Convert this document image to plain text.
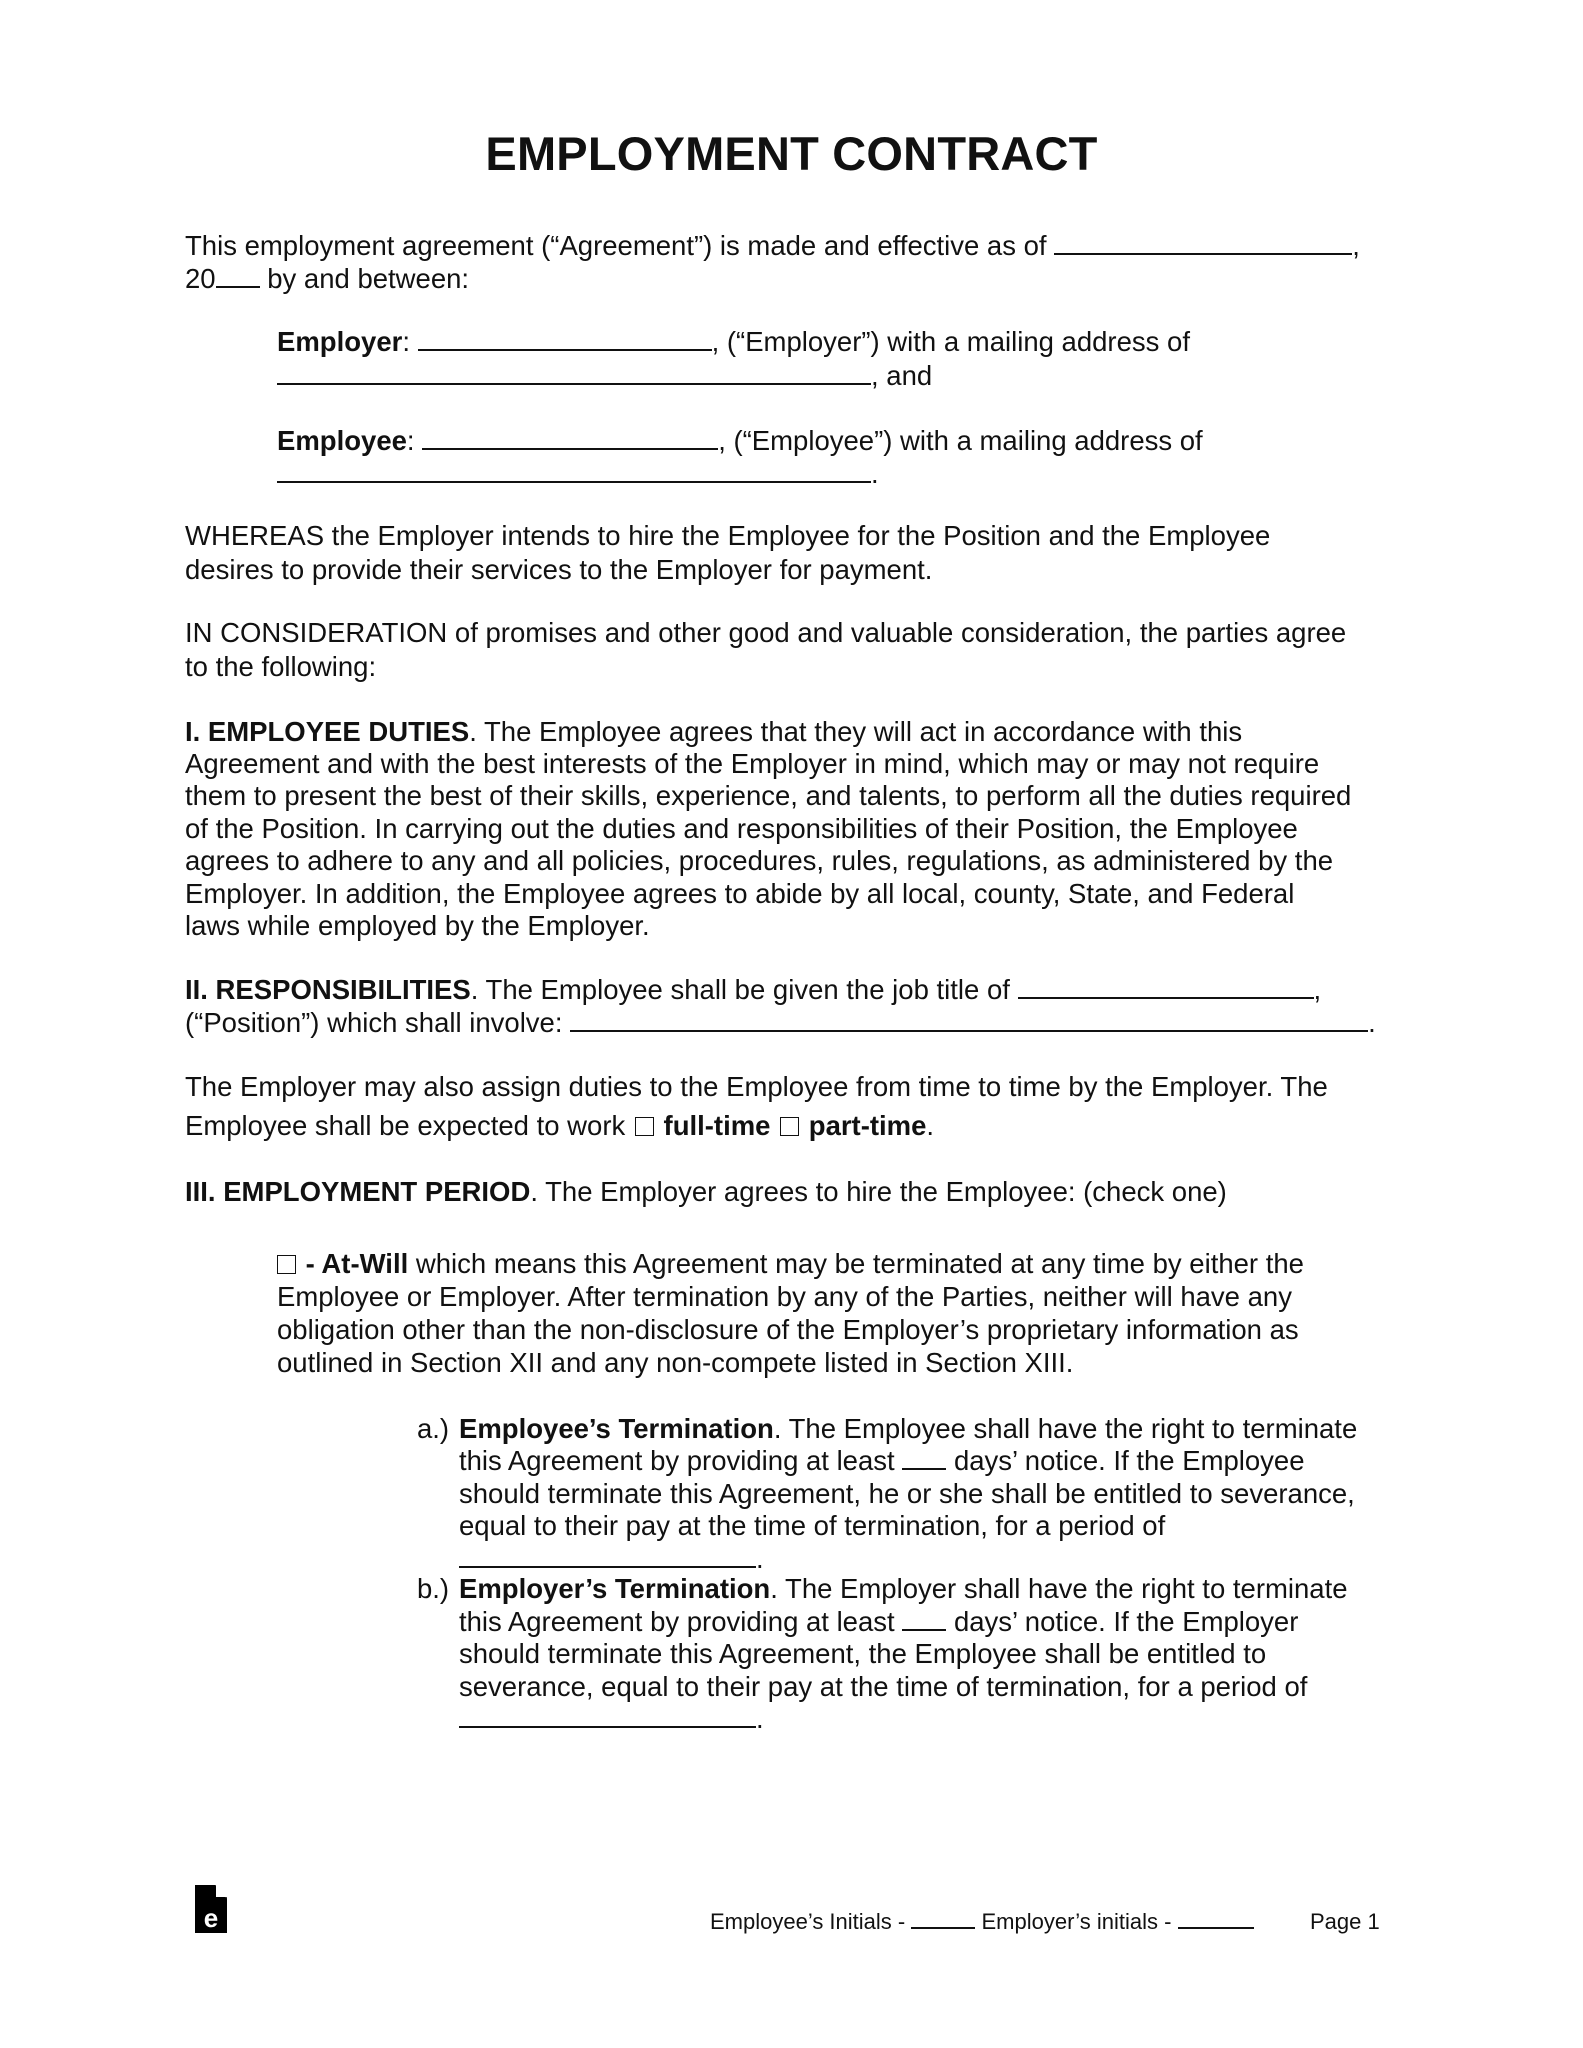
EMPLOYMENT CONTRACT
This employment agreement (“Agreement”) is made and effective as of	,
20 by and between:
Employer:	, (“Employer”) with a mailing address of
, and
Employee:	, (“Employee”) with a mailing address of
.
WHEREAS the Employer intends to hire the Employee for the Position and the Employee
desires to provide their services to the Employer for payment.
IN CONSIDERATION of promises and other good and valuable consideration, the parties agree
to the following:
I. EMPLOYEE DUTIES. The Employee agrees that they will act in accordance with this
Agreement and with the best interests of the Employer in mind, which may or may not require
them to present the best of their skills, experience, and talents, to perform all the duties required
of the Position. In carrying out the duties and responsibilities of their Position, the Employee
agrees to adhere to any and all policies, procedures, rules, regulations, as administered by the
Employer. In addition, the Employee agrees to abide by all local, county, State, and Federal
laws while employed by the Employer.
II. RESPONSIBILITIES. The Employee shall be given the job title of	,
(“Position”) which shall involve:	.
The Employer may also assign duties to the Employee from time to time by the Employer. The
Employee shall be expected to work full-time part-time.
III. EMPLOYMENT PERIOD. The Employer agrees to hire the Employee: (check one)
- At-Will which means this Agreement may be terminated at any time by either the
Employee or Employer. After termination by any of the Parties, neither will have any
obligation other than the non-disclosure of the Employer’s proprietary information as
outlined in Section XII and any non-compete listed in Section XIII.
a.) Employee’s Termination. The Employee shall have the right to terminate
this Agreement by providing at least  days’ notice. If the Employee
should terminate this Agreement, he or she shall be entitled to severance,
equal to their pay at the time of termination, for a period of
.
b.) Employer’s Termination. The Employer shall have the right to terminate
this Agreement by providing at least  days’ notice. If the Employer
should terminate this Agreement, the Employee shall be entitled to
severance, equal to their pay at the time of termination, for a period of
.
e	Employee’s Initials -	Employer’s initials -	Page 1
